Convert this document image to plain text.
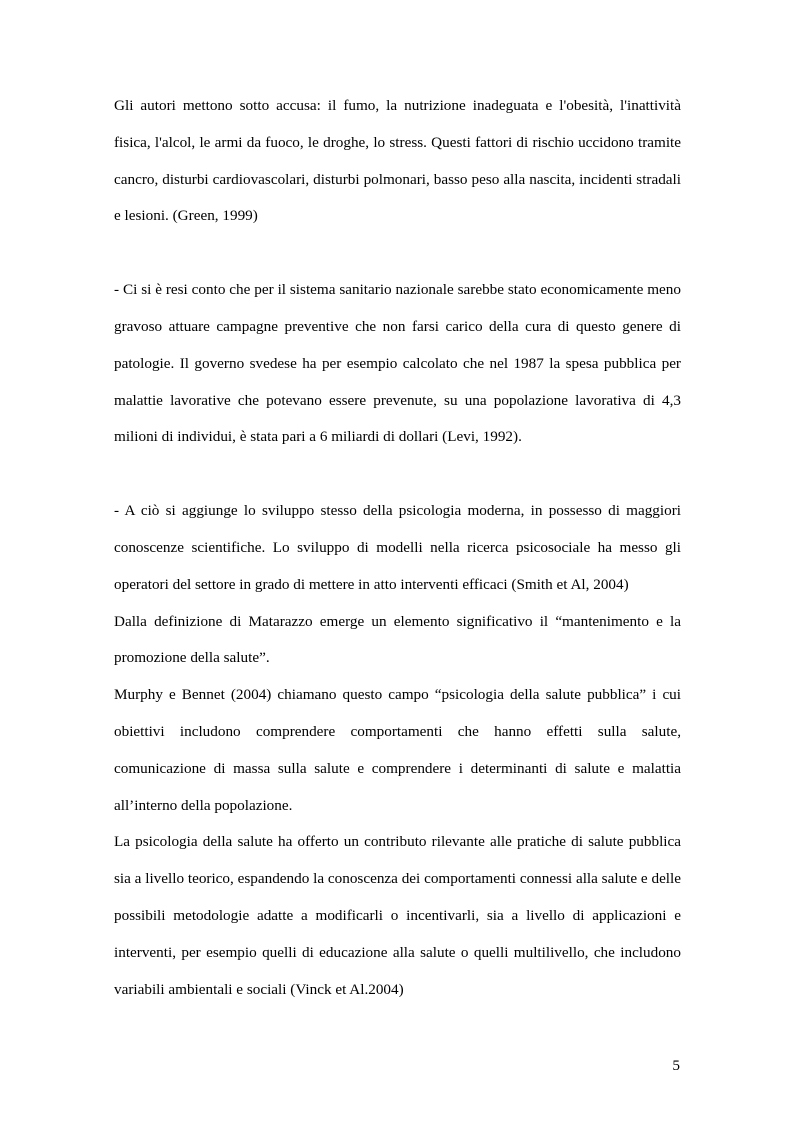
Gli autori mettono sotto accusa: il fumo, la nutrizione inadeguata e l'obesità, l'inattività fisica, l'alcol, le armi da fuoco, le droghe, lo stress. Questi fattori di rischio uccidono tramite cancro, disturbi cardiovascolari, disturbi polmonari, basso peso alla nascita, incidenti stradali e lesioni. (Green, 1999)

- Ci si è resi conto che per il sistema sanitario nazionale sarebbe stato economicamente meno gravoso attuare campagne preventive che non farsi carico della cura di questo genere di patologie. Il governo svedese ha per esempio calcolato che nel 1987 la spesa pubblica per malattie lavorative che potevano essere prevenute, su una popolazione lavorativa di 4,3 milioni di individui, è stata pari a 6 miliardi di dollari (Levi, 1992).

- A ciò si aggiunge lo sviluppo stesso della psicologia moderna, in possesso di maggiori conoscenze scientifiche. Lo sviluppo di modelli nella ricerca psicosociale ha messo gli operatori del settore in grado di mettere in atto interventi efficaci (Smith et Al, 2004)

Dalla definizione di Matarazzo emerge un elemento significativo il “mantenimento e la promozione della salute”.

Murphy e Bennet (2004) chiamano questo campo “psicologia della salute pubblica” i cui obiettivi includono comprendere comportamenti che hanno effetti sulla salute, comunicazione di massa sulla salute e comprendere i determinanti di salute e malattia all’interno della popolazione.

La psicologia della salute ha offerto un contributo rilevante alle pratiche di salute pubblica sia a livello teorico, espandendo la conoscenza dei comportamenti connessi alla salute e delle possibili metodologie adatte a modificarli o incentivarli, sia a livello di applicazioni e interventi, per esempio quelli di educazione alla salute o quelli multilivello, che includono variabili ambientali e sociali (Vinck et Al.2004)

5
